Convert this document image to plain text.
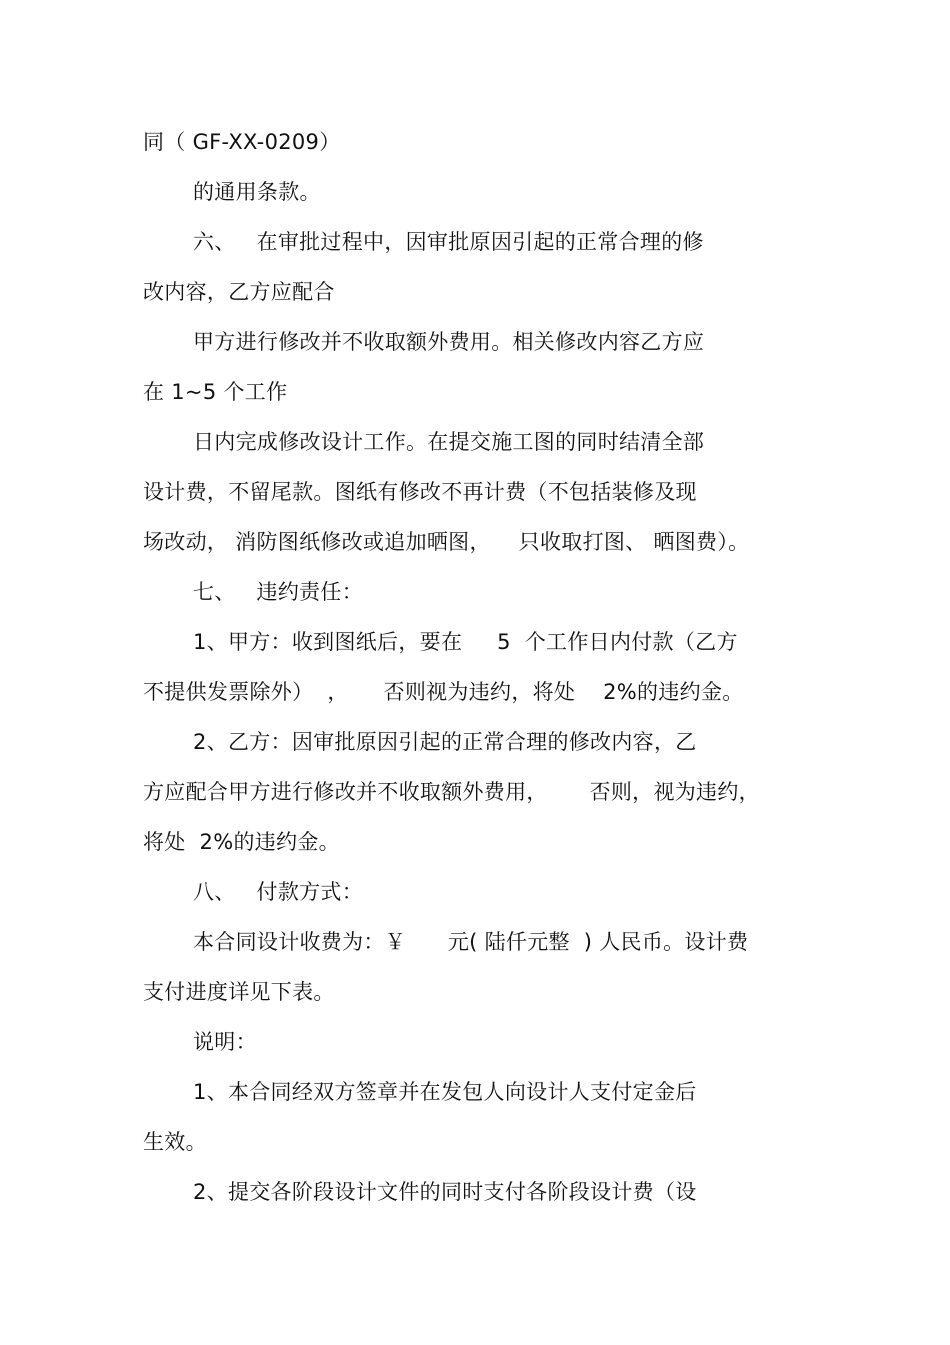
同（ GF-XX-0209）
的通用条款。
六、   在审批过程中，因审批原因引起的正常合理的修
改内容，乙方应配合
甲方进行修改并不收取额外费用。相关修改内容乙方应
在 1~5 个工作
日内完成修改设计工作。在提交施工图的同时结清全部
设计费，不留尾款。图纸有修改不再计费（不包括装修及现
场改动， 消防图纸修改或追加晒图，    只收取打图、 晒图费）。
七、   违约责任：
1、甲方：收到图纸后，要在     5  个工作日内付款（乙方
不提供发票除外）  ，     否则视为违约，将处    2%的违约金。
2、乙方：因审批原因引起的正常合理的修改内容，乙
方应配合甲方进行修改并不收取额外费用，      否则，视为违约，
将处  2%的违约金。
八、   付款方式：
本合同设计收费为：￥      元( 陆仟元整  ) 人民币。设计费
支付进度详见下表。
说明：
1、本合同经双方签章并在发包人向设计人支付定金后
生效。
2、提交各阶段设计文件的同时支付各阶段设计费（设
